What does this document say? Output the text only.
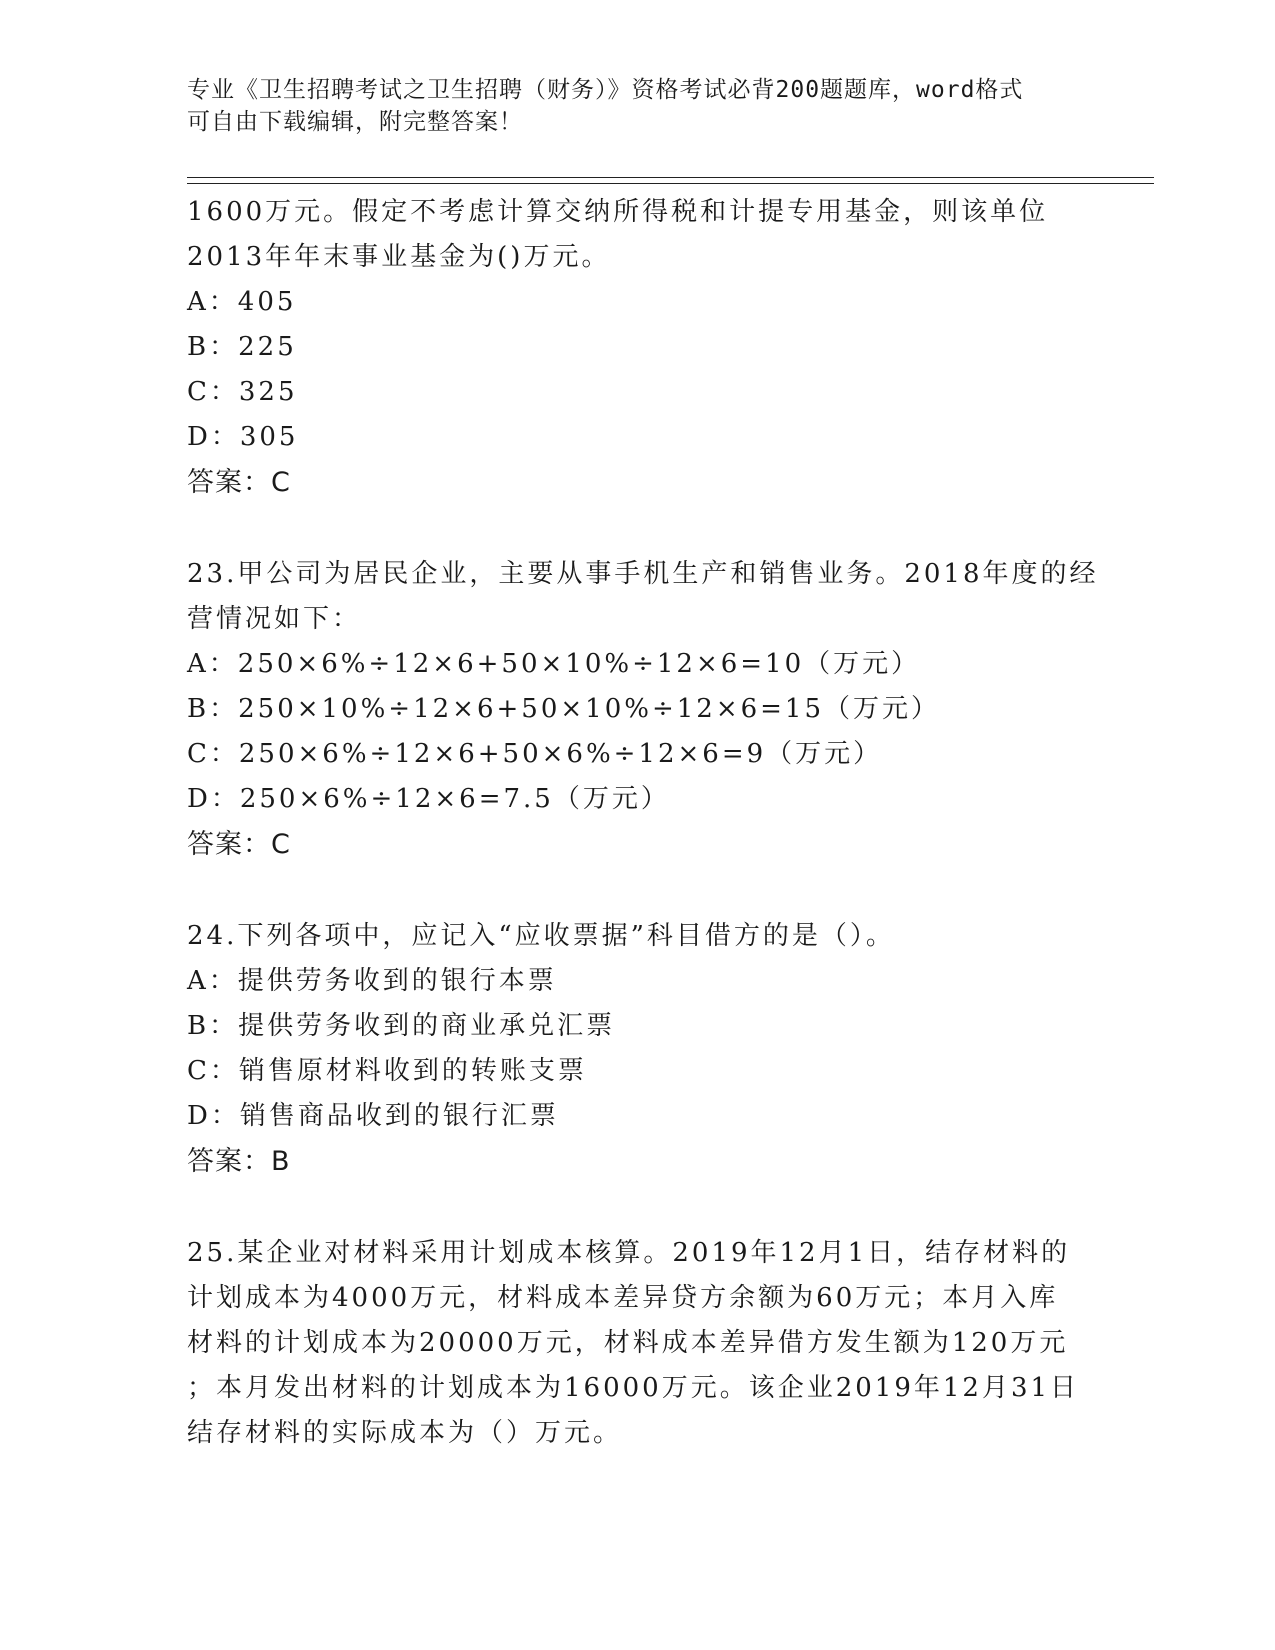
专业《卫生招聘考试之卫生招聘（财务）》资格考试必背200题题库，word格式
可自由下载编辑，附完整答案！
1600万元。假定不考虑计算交纳所得税和计提专用基金，则该单位
2013年年末事业基金为()万元。
A：405
B：225
C：325
D：305
答案：C
23.甲公司为居民企业，主要从事手机生产和销售业务。2018年度的经
营情况如下：
A：250×6%÷12×6+50×10%÷12×6=10（万元）
B：250×10%÷12×6+50×10%÷12×6=15（万元）
C：250×6%÷12×6+50×6%÷12×6=9（万元）
D：250×6%÷12×6=7.5（万元）
答案：C
24.下列各项中，应记入“应收票据”科目借方的是（）。
A：提供劳务收到的银行本票
B：提供劳务收到的商业承兑汇票
C：销售原材料收到的转账支票
D：销售商品收到的银行汇票
答案：B
25.某企业对材料采用计划成本核算。2019年12月1日，结存材料的
计划成本为4000万元，材料成本差异贷方余额为60万元；本月入库
材料的计划成本为20000万元，材料成本差异借方发生额为120万元
；本月发出材料的计划成本为16000万元。该企业2019年12月31日
结存材料的实际成本为（）万元。
